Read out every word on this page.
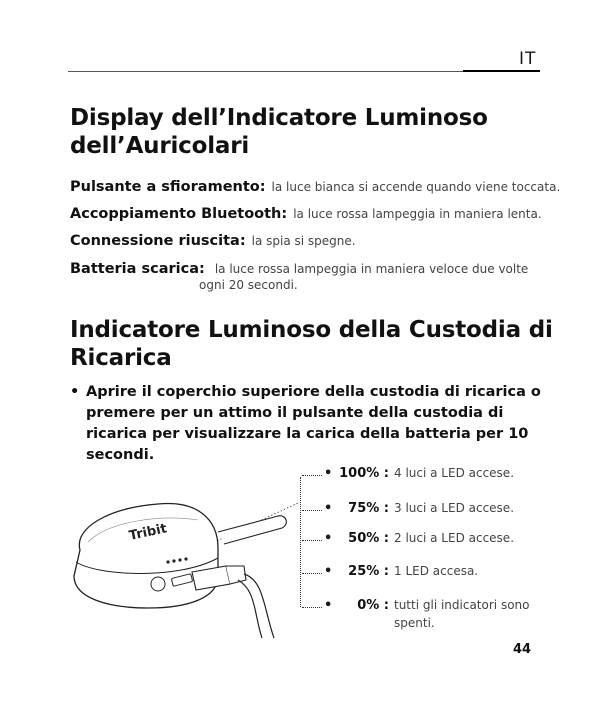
IT
Display dell’Indicatore Luminoso
dell’Auricolari
Pulsante a sfioramento: la luce bianca si accende quando viene toccata.
Accoppiamento Bluetooth: la luce rossa lampeggia in maniera lenta.
Connessione riuscita: la spia si spegne.
Batteria scarica: la luce rossa lampeggia in maniera veloce due volte
ogni 20 secondi.
Indicatore Luminoso della Custodia di
Ricarica
• Aprire il coperchio superiore della custodia di ricarica o premere per un attimo il pulsante della custodia di ricarica per visualizzare la carica della batteria per 10 secondi.
• 100% : 4 luci a LED accese.
• 75% : 3 luci a LED accese.
• 50% : 2 luci a LED accese.
• 25% : 1 LED accesa.
• 0% : tutti gli indicatori sono
spenti.
Tribit
44
